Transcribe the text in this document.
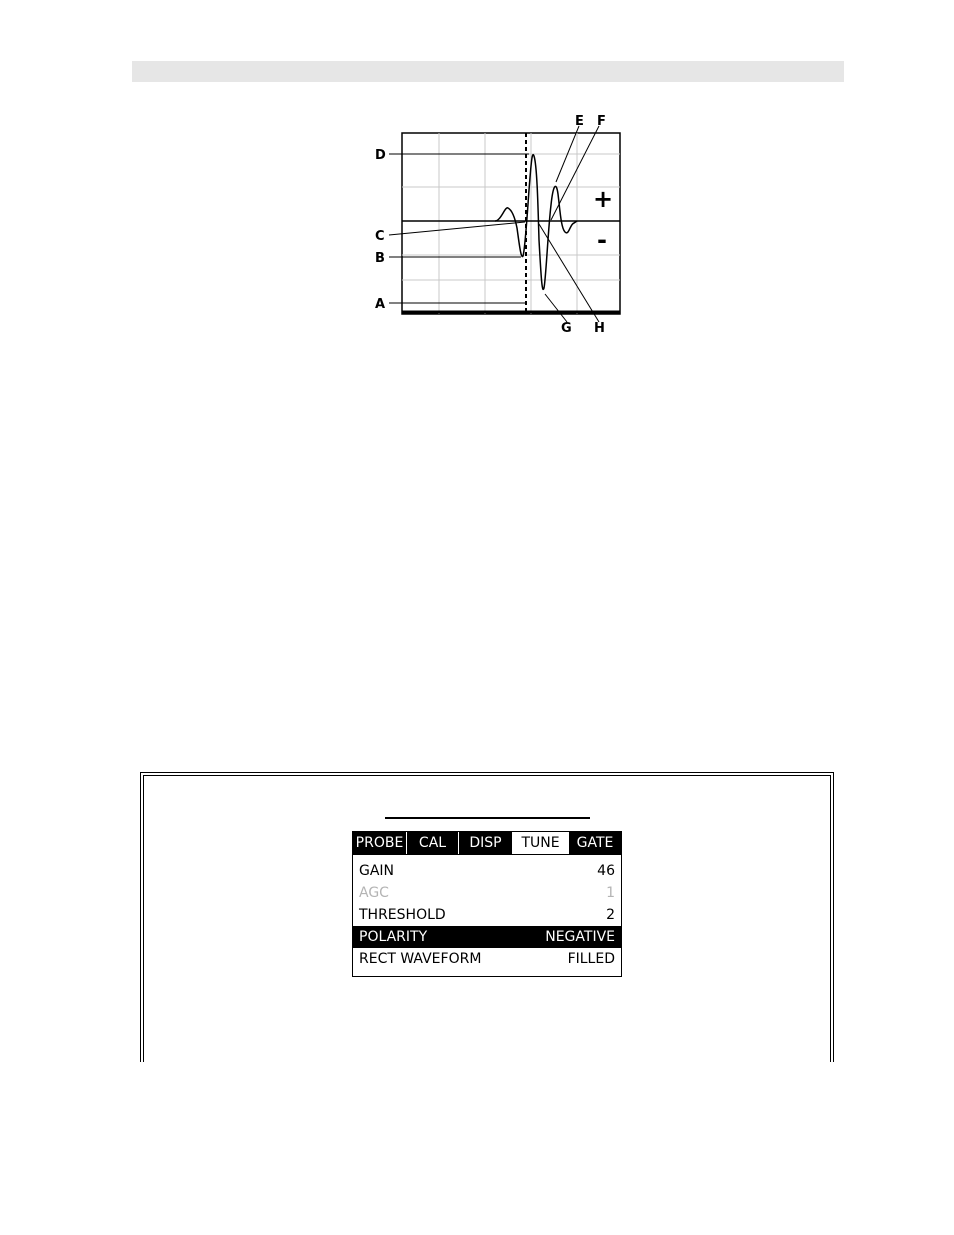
D
C
B
A
E F
G H
+
-
PROBE	CAL	DISP	TUNE	GATE
GAIN	46
AGC	1
THRESHOLD	2
POLARITY	NEGATIVE
RECT WAVEFORM	FILLED
